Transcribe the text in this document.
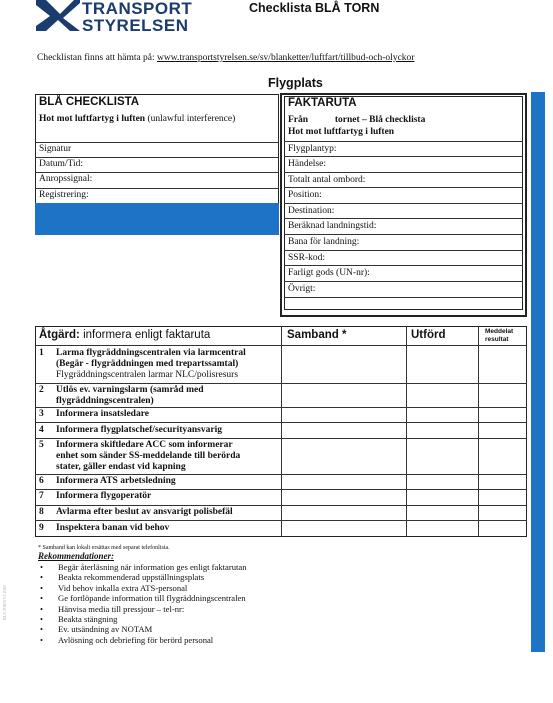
TRANSPORT
STYRELSEN
Checklista BLÅ TORN
Checklistan finns att hämta på: www.transportstyrelsen.se/sv/blanketter/luftfart/tillbud-och-olyckor
Flygplats
BLÅ CHECKLISTA
Hot mot luftfartyg i luften (unlawful interference)
Signatur
Datum/Tid:
Anropssignal:
Registrering:
FAKTARUTA
Från	tornet – Blå checklista
Hot mot luftfartyg i luften
Flygplantyp:
Händelse:
Totalt antal ombord:
Position:
Destination:
Beräknad landningstid:
Bana för landning:
SSR-kod:
Farligt gods (UN-nr):
Övrigt:
Åtgärd: informera enligt faktaruta	Samband *	Utförd	Meddelat
resultat
1 Larma flygräddningscentralen via larmcentral
(Begär - flygräddningen med trepartssamtal)
Flygräddningscentralen larmar NLC/polisresurs
2 Utlös ev. varningslarm (samråd med
flygräddningscentralen)
3 Informera insatsledare
4 Informera flygplatschef/securityansvarig
5 Informera skiftledare ACC som informerar
enhet som sänder SS-meddelande till berörda
stater, gäller endast vid kapning
6 Informera ATS arbetsledning
7 Informera flygoperatör
8 Avlarma efter beslut av ansvarigt polisbefäl
9 Inspektera banan vid behov
* Samband kan lokalt ersättas med separat telefonlista.
Rekommendationer:
• Begär återläsning när information ges enligt faktarutan
• Beakta rekommenderad uppställningsplats
• Vid behov inkalla extra ATS-personal
• Ge fortlöpande information till flygräddningscentralen
• Hänvisa media till pressjour – tel-nr:
• Beakta stängning
• Ev. utsändning av NOTAM
• Avlösning och debriefing för berörd personal
BLÅ TORN V1 2016
